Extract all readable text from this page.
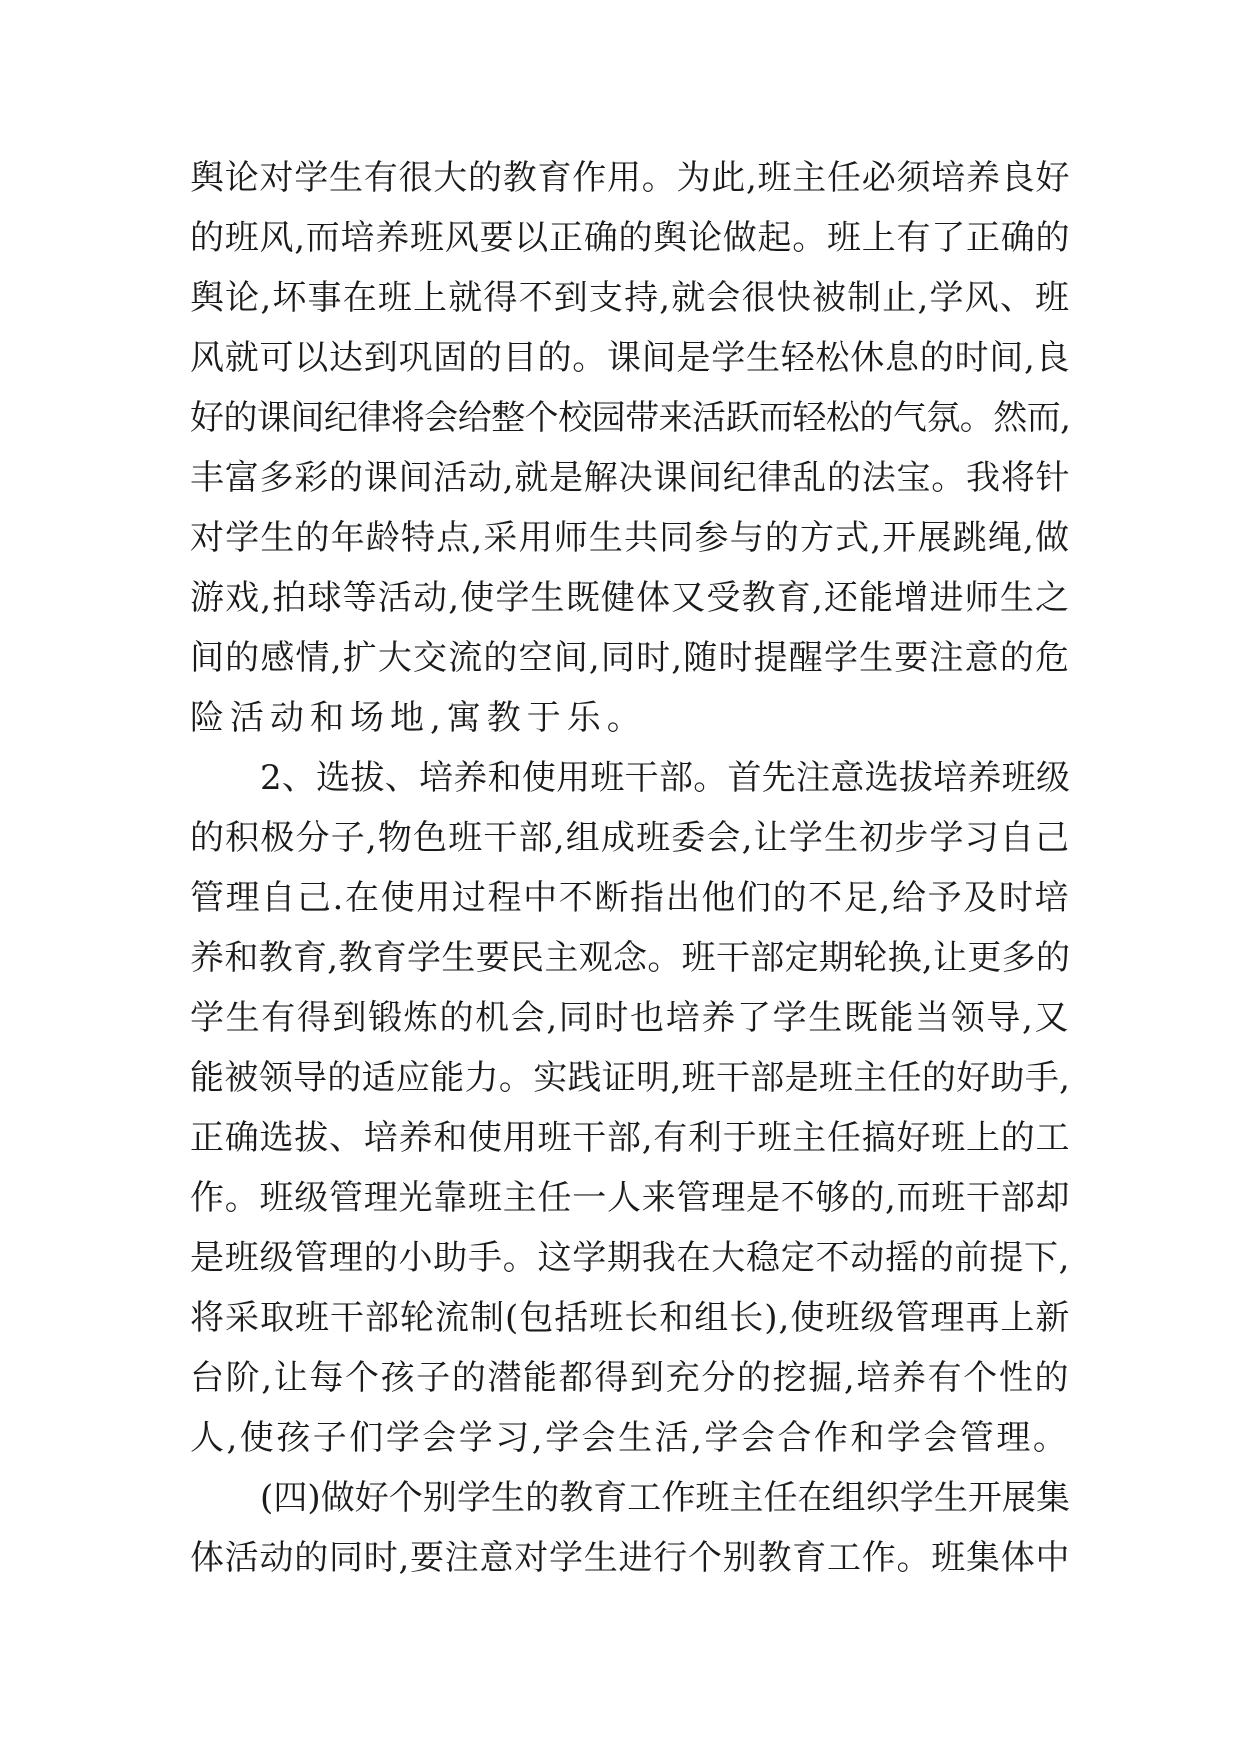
舆论对学生有很大的教育作用。为此,班主任必须培养良好
的班风,而培养班风要以正确的舆论做起。班上有了正确的
舆论,坏事在班上就得不到支持,就会很快被制止,学风、班
风就可以达到巩固的目的。课间是学生轻松休息的时间,良
好的课间纪律将会给整个校园带来活跃而轻松的气氛。然而,
丰富多彩的课间活动,就是解决课间纪律乱的法宝。我将针
对学生的年龄特点,采用师生共同参与的方式,开展跳绳,做
游戏,拍球等活动,使学生既健体又受教育,还能增进师生之
间的感情,扩大交流的空间,同时,随时提醒学生要注意的危
险活动和场地,寓教于乐。
2、选拔、培养和使用班干部。首先注意选拔培养班级
的积极分子,物色班干部,组成班委会,让学生初步学习自己
管理自己.在使用过程中不断指出他们的不足,给予及时培
养和教育,教育学生要民主观念。班干部定期轮换,让更多的
学生有得到锻炼的机会,同时也培养了学生既能当领导,又
能被领导的适应能力。实践证明,班干部是班主任的好助手,
正确选拔、培养和使用班干部,有利于班主任搞好班上的工
作。班级管理光靠班主任一人来管理是不够的,而班干部却
是班级管理的小助手。这学期我在大稳定不动摇的前提下,
将采取班干部轮流制(包括班长和组长),使班级管理再上新
台阶,让每个孩子的潜能都得到充分的挖掘,培养有个性的
人,使孩子们学会学习,学会生活,学会合作和学会管理。
(四)做好个别学生的教育工作班主任在组织学生开展集
体活动的同时,要注意对学生进行个别教育工作。班集体中
